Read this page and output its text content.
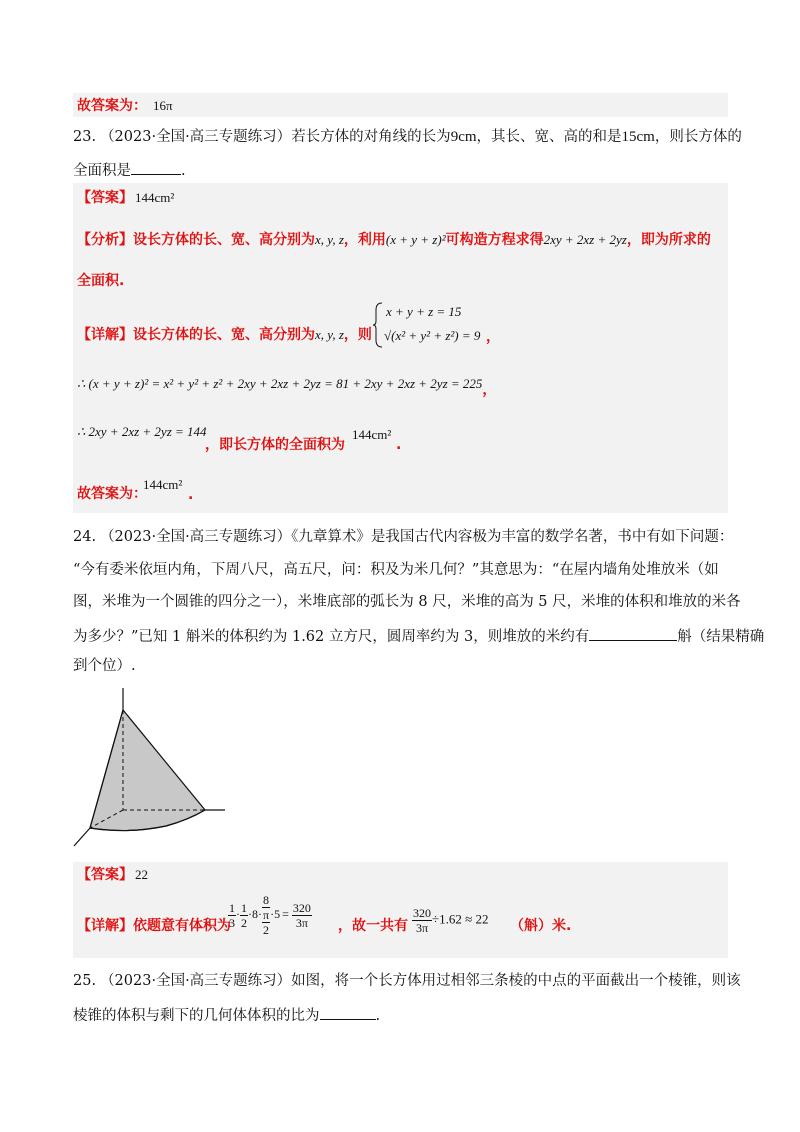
故答案为： 16π
23. （2023·全国·高三专题练习）若长方体的对角线的长为9cm，其长、宽、高的和是15cm，则长方体的
全面积是	.
【答案】 144cm²
【分析】设长方体的长、宽、高分别为x, y, z，利用(x + y + z)²可构造方程求得2xy + 2xz + 2yz，即为所求的
全面积.
【详解】设长方体的长、宽、高分别为x, y, z，则
x + y + z = 15
√(x² + y² + z²) = 9 ，
∴ (x + y + z)² = x² + y² + z² + 2xy + 2xz + 2yz = 81 + 2xy + 2xz + 2yz = 225，
∴ 2xy + 2xz + 2yz = 144
，即长方体的全面积为
144cm²
.
故答案为：
144cm²
.
24. （2023·全国·高三专题练习）《九章算术》是我国古代内容极为丰富的数学名著，书中有如下问题：
“今有委米依垣内角，下周八尺，高五尺，问：积及为米几何？”其意思为：“在屋内墙角处堆放米（如
图，米堆为一个圆锥的四分之一），米堆底部的弧长为 8 尺，米堆的高为 5 尺，米堆的体积和堆放的米各
为多少？”已知 1 斛米的体积约为 1.62 立方尺，圆周率约为 3，则堆放的米约有	斛（结果精确
到个位）.
【答案】 22
【详解】依题意有体积为
$\frac{1}{3} \cdot \frac{1}{2} \cdot 8\cdot$
8
π
2
$\cdot 5 = \frac{320}{3\pi}$ ，故一共有 $\frac{320}{3\pi} \div 1.62 \approx 22$ （斛）米.
25. （2023·全国·高三专题练习）如图，将一个长方体用过相邻三条棱的中点的平面截出一个棱锥，则该
棱锥的体积与剩下的几何体体积的比为	.
